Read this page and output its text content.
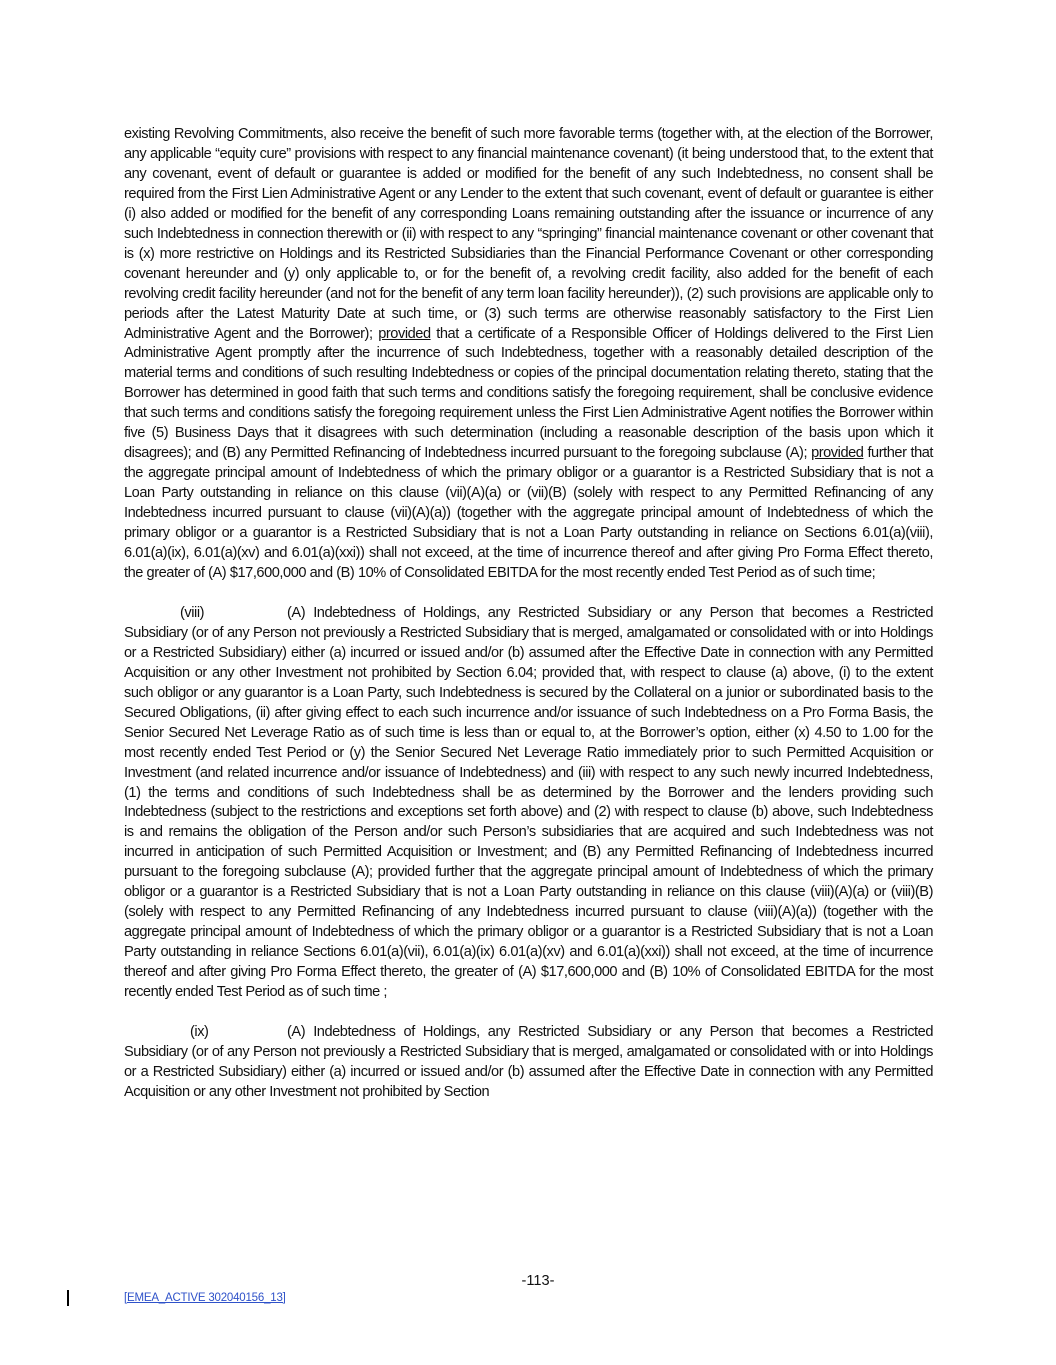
existing Revolving Commitments, also receive the benefit of such more favorable terms (together with, at the election of the Borrower, any applicable “equity cure” provisions with respect to any financial maintenance covenant) (it being understood that, to the extent that any covenant, event of default or guarantee is added or modified for the benefit of any such Indebtedness, no consent shall be required from the First Lien Administrative Agent or any Lender to the extent that such covenant, event of default or guarantee is either (i) also added or modified for the benefit of any corresponding Loans remaining outstanding after the issuance or incurrence of any such Indebtedness in connection therewith or (ii) with respect to any “springing” financial maintenance covenant or other covenant that is (x) more restrictive on Holdings and its Restricted Subsidiaries than the Financial Performance Covenant or other corresponding covenant hereunder and (y) only applicable to, or for the benefit of, a revolving credit facility, also added for the benefit of each revolving credit facility hereunder (and not for the benefit of any term loan facility hereunder)), (2) such provisions are applicable only to periods after the Latest Maturity Date at such time, or (3) such terms are otherwise reasonably satisfactory to the First Lien Administrative Agent and the Borrower); provided that a certificate of a Responsible Officer of Holdings delivered to the First Lien Administrative Agent promptly after the incurrence of such Indebtedness, together with a reasonably detailed description of the material terms and conditions of such resulting Indebtedness or copies of the principal documentation relating thereto, stating that the Borrower has determined in good faith that such terms and conditions satisfy the foregoing requirement, shall be conclusive evidence that such terms and conditions satisfy the foregoing requirement unless the First Lien Administrative Agent notifies the Borrower within five (5) Business Days that it disagrees with such determination (including a reasonable description of the basis upon which it disagrees); and (B) any Permitted Refinancing of Indebtedness incurred pursuant to the foregoing subclause (A); provided further that the aggregate principal amount of Indebtedness of which the primary obligor or a guarantor is a Restricted Subsidiary that is not a Loan Party outstanding in reliance on this clause (vii)(A)(a) or (vii)(B) (solely with respect to any Permitted Refinancing of any Indebtedness incurred pursuant to clause (vii)(A)(a)) (together with the aggregate principal amount of Indebtedness of which the primary obligor or a guarantor is a Restricted Subsidiary that is not a Loan Party outstanding in reliance on Sections 6.01(a)(viii), 6.01(a)(ix), 6.01(a)(xv) and 6.01(a)(xxi)) shall not exceed, at the time of incurrence thereof and after giving Pro Forma Effect thereto, the greater of (A) $17,600,000 and (B) 10% of Consolidated EBITDA for the most recently ended Test Period as of such time;

(viii)	(A) Indebtedness of Holdings, any Restricted Subsidiary or any Person that becomes a Restricted Subsidiary (or of any Person not previously a Restricted Subsidiary that is merged, amalgamated or consolidated with or into Holdings or a Restricted Subsidiary) either (a) incurred or issued and/or (b) assumed after the Effective Date in connection with any Permitted Acquisition or any other Investment not prohibited by Section 6.04; provided that, with respect to clause (a) above, (i) to the extent such obligor or any guarantor is a Loan Party, such Indebtedness is secured by the Collateral on a junior or subordinated basis to the Secured Obligations, (ii) after giving effect to each such incurrence and/or issuance of such Indebtedness on a Pro Forma Basis, the Senior Secured Net Leverage Ratio as of such time is less than or equal to, at the Borrower’s option, either (x) 4.50 to 1.00 for the most recently ended Test Period or (y) the Senior Secured Net Leverage Ratio immediately prior to such Permitted Acquisition or Investment (and related incurrence and/or issuance of Indebtedness) and (iii) with respect to any such newly incurred Indebtedness, (1) the terms and conditions of such Indebtedness shall be as determined by the Borrower and the lenders providing such Indebtedness (subject to the restrictions and exceptions set forth above) and (2) with respect to clause (b) above, such Indebtedness is and remains the obligation of the Person and/or such Person’s subsidiaries that are acquired and such Indebtedness was not incurred in anticipation of such Permitted Acquisition or Investment; and (B) any Permitted Refinancing of Indebtedness incurred pursuant to the foregoing subclause (A); provided further that the aggregate principal amount of Indebtedness of which the primary obligor or a guarantor is a Restricted Subsidiary that is not a Loan Party outstanding in reliance on this clause (viii)(A)(a) or (viii)(B) (solely with respect to any Permitted Refinancing of any Indebtedness incurred pursuant to clause (viii)(A)(a)) (together with the aggregate principal amount of Indebtedness of which the primary obligor or a guarantor is a Restricted Subsidiary that is not a Loan Party outstanding in reliance Sections 6.01(a)(vii), 6.01(a)(ix) 6.01(a)(xv) and 6.01(a)(xxi)) shall not exceed, at the time of incurrence thereof and after giving Pro Forma Effect thereto, the greater of (A) $17,600,000 and (B) 10% of Consolidated EBITDA for the most recently ended Test Period as of such time ;

(ix)	(A) Indebtedness of Holdings, any Restricted Subsidiary or any Person that becomes a Restricted Subsidiary (or of any Person not previously a Restricted Subsidiary that is merged, amalgamated or consolidated with or into Holdings or a Restricted Subsidiary) either (a) incurred or issued and/or (b) assumed after the Effective Date in connection with any Permitted Acquisition or any other Investment not prohibited by Section

-113-
[EMEA_ACTIVE 302040156_13]
